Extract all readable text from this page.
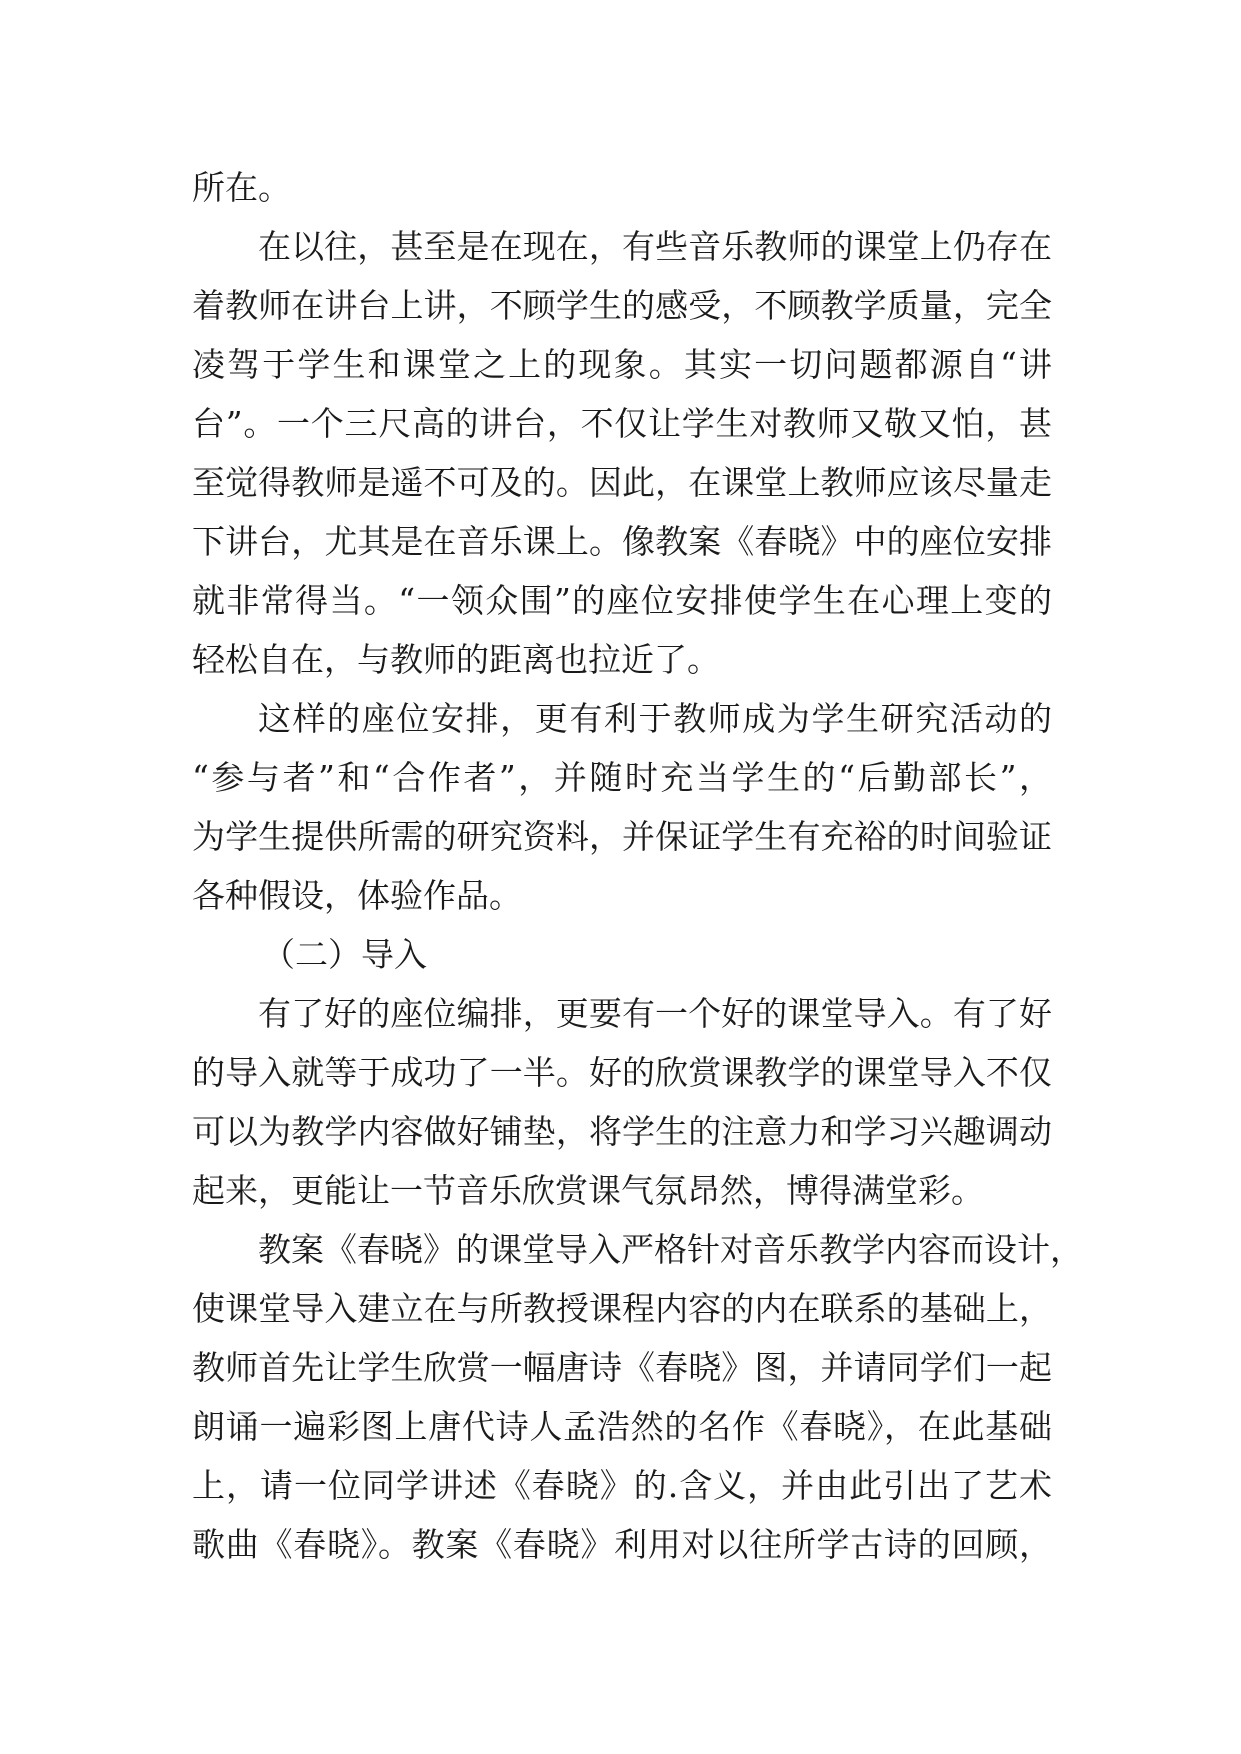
所在。
在以往，甚至是在现在，有些音乐教师的课堂上仍存在
着教师在讲台上讲，不顾学生的感受，不顾教学质量，完全
凌驾于学生和课堂之上的现象。其实一切问题都源自“讲
台”。一个三尺高的讲台，不仅让学生对教师又敬又怕，甚
至觉得教师是遥不可及的。因此，在课堂上教师应该尽量走
下讲台，尤其是在音乐课上。像教案《春晓》中的座位安排
就非常得当。“一领众围”的座位安排使学生在心理上变的
轻松自在，与教师的距离也拉近了。
这样的座位安排，更有利于教师成为学生研究活动的
“参与者”和“合作者”，并随时充当学生的“后勤部长”，
为学生提供所需的研究资料，并保证学生有充裕的时间验证
各种假设，体验作品。
（二）导入
有了好的座位编排，更要有一个好的课堂导入。有了好
的导入就等于成功了一半。好的欣赏课教学的课堂导入不仅
可以为教学内容做好铺垫，将学生的注意力和学习兴趣调动
起来，更能让一节音乐欣赏课气氛昂然，博得满堂彩。
教案《春晓》的课堂导入严格针对音乐教学内容而设计，
使课堂导入建立在与所教授课程内容的内在联系的基础上，
教师首先让学生欣赏一幅唐诗《春晓》图，并请同学们一起
朗诵一遍彩图上唐代诗人孟浩然的名作《春晓》，在此基础
上，请一位同学讲述《春晓》的.含义，并由此引出了艺术
歌曲《春晓》。教案《春晓》利用对以往所学古诗的回顾，
